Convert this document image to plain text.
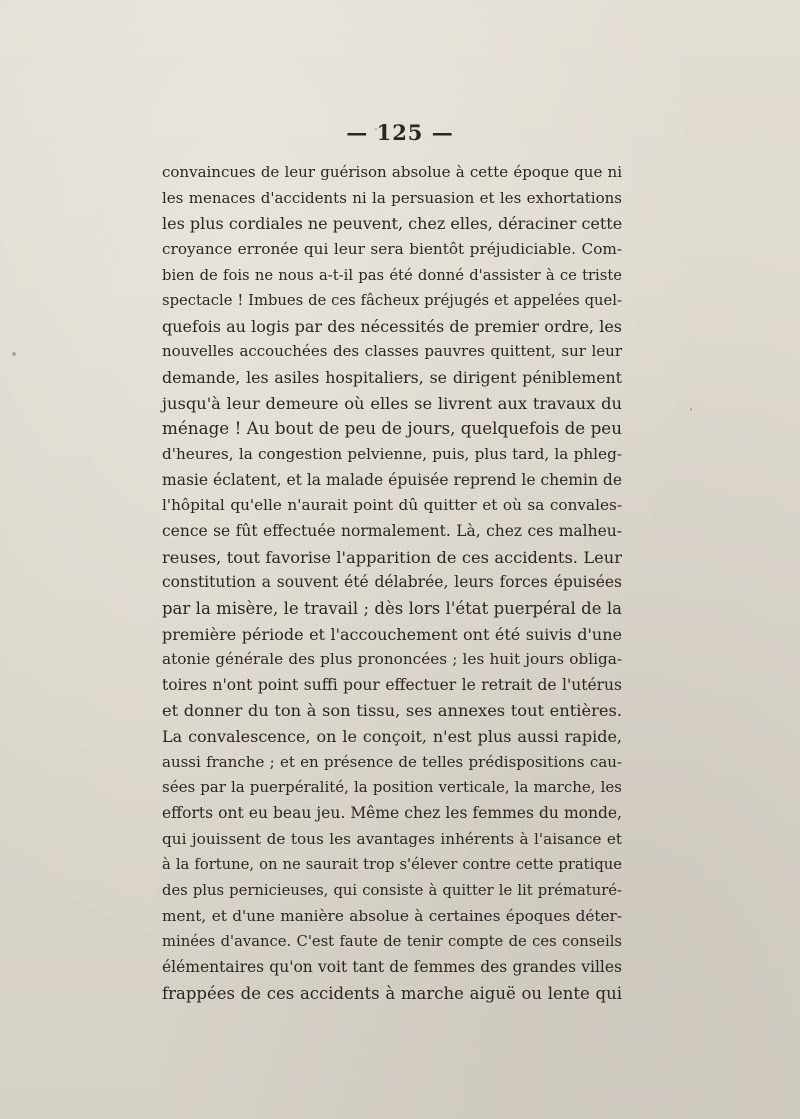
— 125 —
convaincues de leur guérison absolue à cette époque que ni
les menaces d'accidents ni la persuasion et les exhortations
les plus cordiales ne peuvent, chez elles, déraciner cette
croyance erronée qui leur sera bientôt préjudiciable. Com-
bien de fois ne nous a-t-il pas été donné d'assister à ce triste
spectacle ! Imbues de ces fâcheux préjugés et appelées quel-
quefois au logis par des nécessités de premier ordre, les
nouvelles accouchées des classes pauvres quittent, sur leur
demande, les asiles hospitaliers, se dirigent péniblement
jusqu'à leur demeure où elles se livrent aux travaux du
ménage ! Au bout de peu de jours, quelquefois de peu
d'heures, la congestion pelvienne, puis, plus tard, la phleg-
masie éclatent, et la malade épuisée reprend le chemin de
l'hôpital qu'elle n'aurait point dû quitter et où sa convales-
cence se fût effectuée normalement. Là, chez ces malheu-
reuses, tout favorise l'apparition de ces accidents. Leur
constitution a souvent été délabrée, leurs forces épuisées
par la misère, le travail ; dès lors l'état puerpéral de la
première période et l'accouchement ont été suivis d'une
atonie générale des plus prononcées ; les huit jours obliga-
toires n'ont point suffi pour effectuer le retrait de l'utérus
et donner du ton à son tissu, ses annexes tout entières.
La convalescence, on le conçoit, n'est plus aussi rapide,
aussi franche ; et en présence de telles prédispositions cau-
sées par la puerpéralité, la position verticale, la marche, les
efforts ont eu beau jeu. Même chez les femmes du monde,
qui jouissent de tous les avantages inhérents à l'aisance et
à la fortune, on ne saurait trop s'élever contre cette pratique
des plus pernicieuses, qui consiste à quitter le lit prématuré-
ment, et d'une manière absolue à certaines époques déter-
minées d'avance. C'est faute de tenir compte de ces conseils
élémentaires qu'on voit tant de femmes des grandes villes
frappées de ces accidents à marche aiguë ou lente qui
